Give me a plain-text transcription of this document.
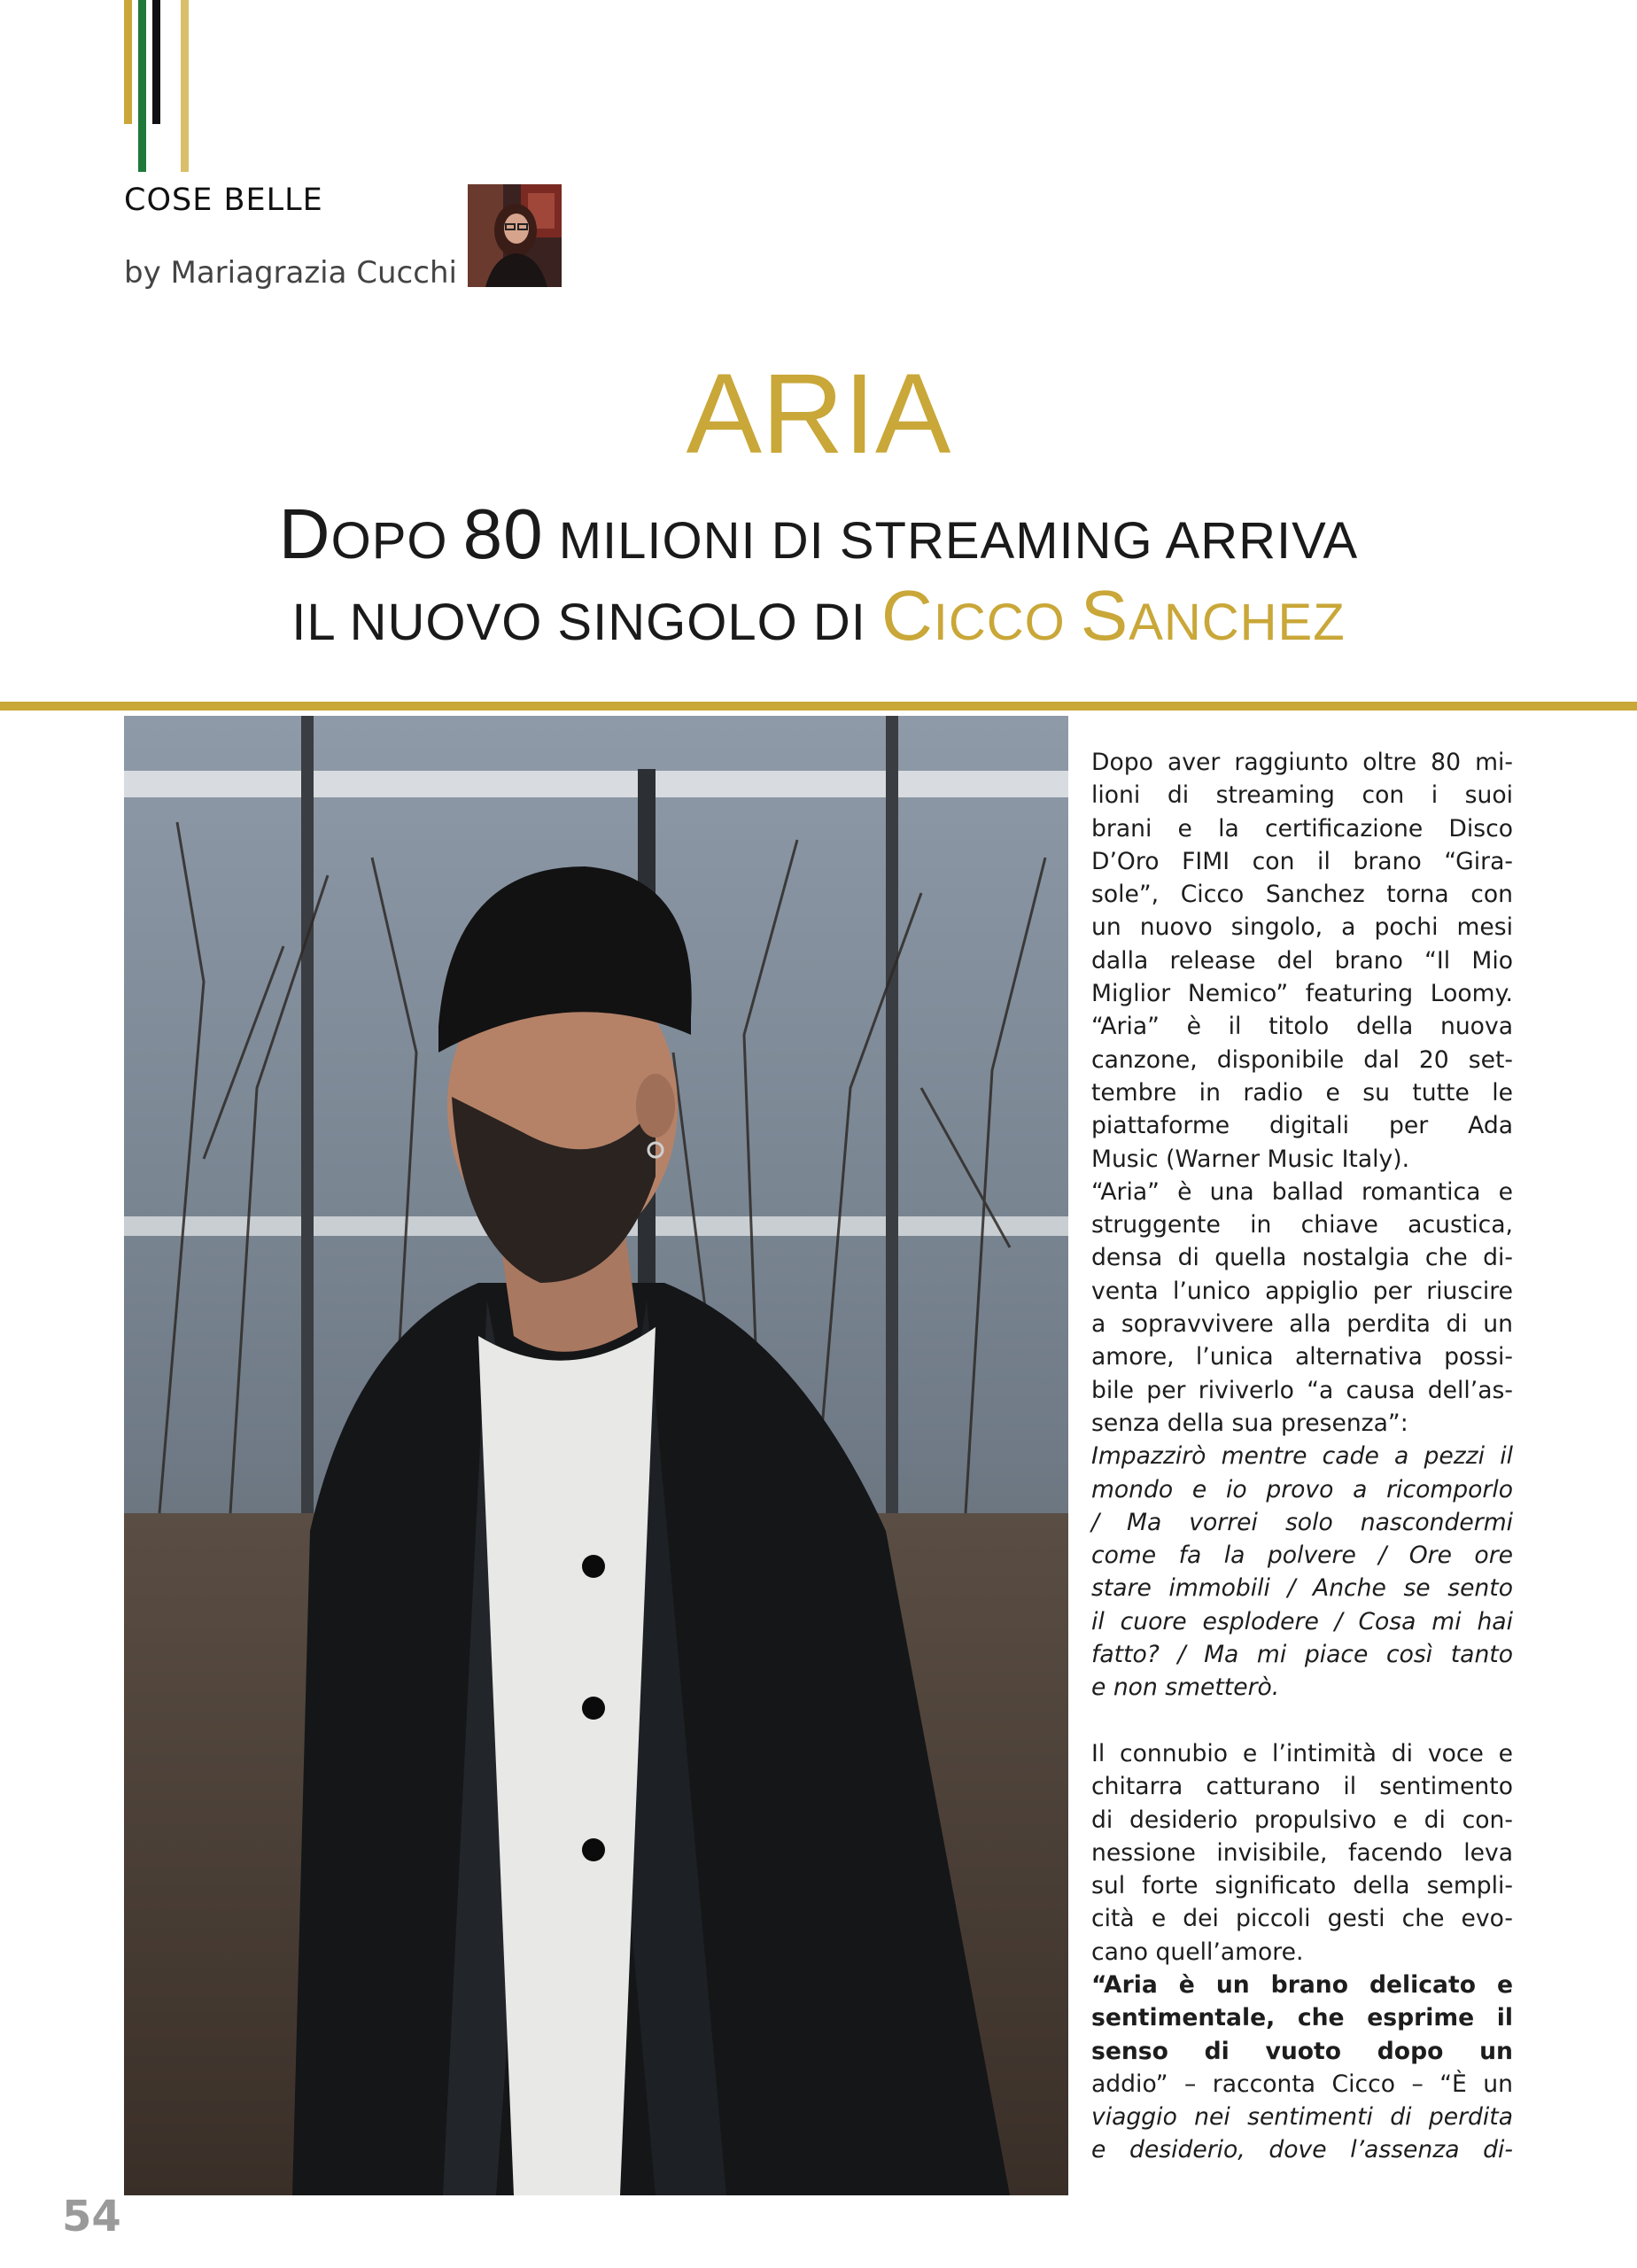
COSE BELLE
by Mariagrazia Cucchi
ARIA
DOPO 80 MILIONI DI STREAMING ARRIVA
IL NUOVO SINGOLO DI CICCO SANCHEZ
Dopo aver raggiunto oltre 80 mi-
lioni di streaming con i suoi
brani e la certificazione Disco
D’Oro FIMI con il brano “Gira-
sole”, Cicco Sanchez torna con
un nuovo singolo, a pochi mesi
dalla release del brano “Il Mio
Miglior Nemico” featuring Loomy.
“Aria” è il titolo della nuova
canzone, disponibile dal 20 set-
tembre in radio e su tutte le
piattaforme digitali per Ada
Music (Warner Music Italy).
“Aria” è una ballad romantica e
struggente in chiave acustica,
densa di quella nostalgia che di-
venta l’unico appiglio per riuscire
a sopravvivere alla perdita di un
amore, l’unica alternativa possi-
bile per riviverlo “a causa dell’as-
senza della sua presenza”:
Impazzirò mentre cade a pezzi il
mondo e io provo a ricomporlo
/ Ma vorrei solo nascondermi
come fa la polvere / Ore ore
stare immobili / Anche se sento
il cuore esplodere / Cosa mi hai
fatto? / Ma mi piace così tanto
e non smetterò.
Il connubio e l’intimità di voce e
chitarra catturano il sentimento
di desiderio propulsivo e di con-
nessione invisibile, facendo leva
sul forte significato della sempli-
cità e dei piccoli gesti che evo-
cano quell’amore.
“Aria è un brano delicato e
sentimentale, che esprime il
senso di vuoto dopo un
addio” – racconta Cicco – “È un
viaggio nei sentimenti di perdita
e desiderio, dove l’assenza di-
54
